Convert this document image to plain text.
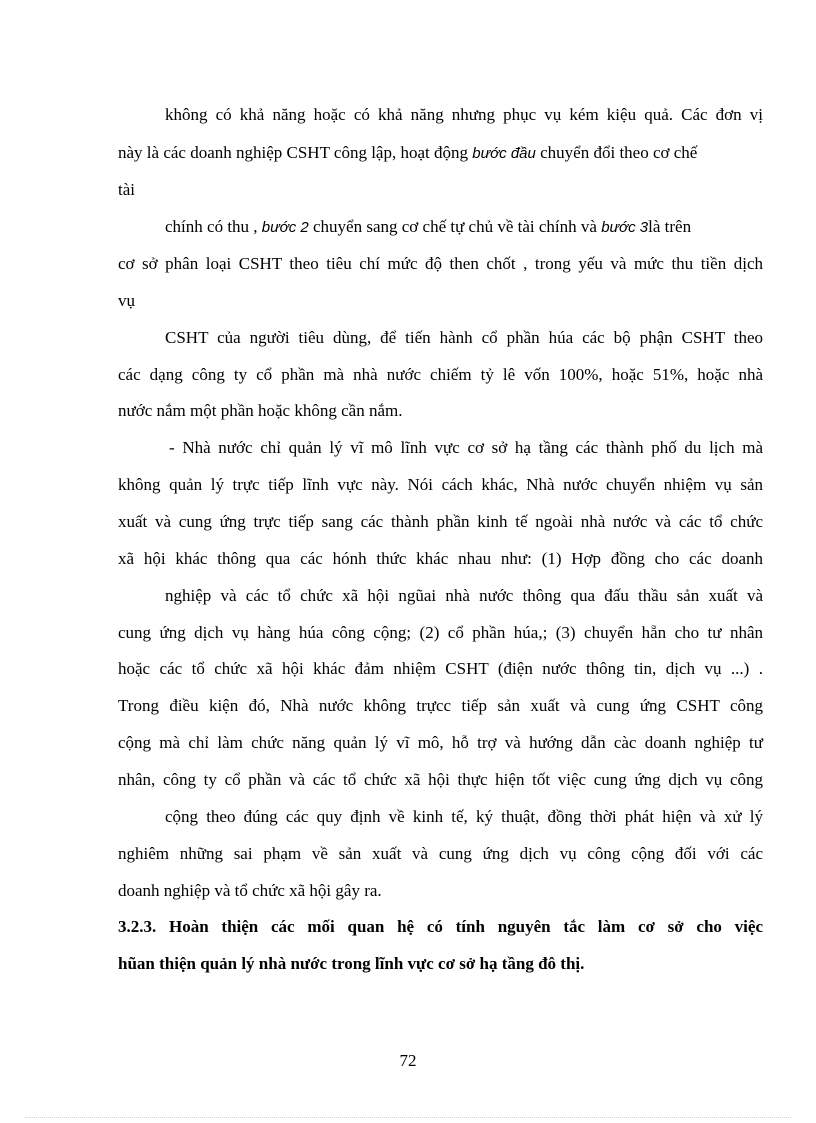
không có khả năng hoặc có khả năng nhưng phục vụ kém kiệu quả. Các đơn vị
này là các doanh nghiệp CSHT công lập, hoạt động bước đầu chuyển đổi theo cơ chế
tài
chính có thu , bước 2 chuyển sang cơ chế tự chủ về tài chính và bước 3là trên
cơ sở phân loại CSHT theo tiêu chí mức độ then chốt , trong yếu và mức thu tiền dịch
vụ
CSHT của người tiêu dùng, để tiến hành cổ phần húa các bộ phận CSHT theo
các dạng công ty cổ phần mà nhà nước chiếm tỷ lê vốn 100%, hoặc 51%, hoặc nhà
nước nắm một phần hoặc không cần nắm.
- Nhà nước chỉ quản lý vĩ mô lĩnh vực cơ sở hạ tầng các thành phố du lịch mà
không quản lý trực tiếp lĩnh vực này. Nói cách khác, Nhà nước chuyển nhiệm vụ sản
xuất và cung ứng trực tiếp sang các thành phần kinh tế ngoài nhà nước và các tổ chức
xã hội khác thông qua các hónh thức khác nhau như: (1) Hợp đồng cho các doanh
nghiệp và các tổ chức xã hội ngũai nhà nước thông qua đấu thầu sản xuất và
cung ứng dịch vụ hàng húa công cộng; (2) cổ phần húa,; (3) chuyển hẵn cho tư nhân
hoặc các tổ chức xã hội khác đảm nhiệm CSHT (điện nước thông tin, dịch vụ ...) .
Trong điều kiện đó, Nhà nước không trựcc tiếp sản xuất và cung ứng CSHT công
cộng mà chỉ làm chức năng quản lý vĩ mô, hỗ trợ và hướng dẫn càc doanh nghiệp tư
nhân, công ty cổ phần và các tổ chức xã hội thực hiện tốt việc cung ứng dịch vụ công
cộng theo đúng các quy định về kinh tế, ký thuật, đồng thời phát hiện và xử lý
nghiêm những sai phạm về sản xuất và cung ứng dịch vụ công cộng đối với các
doanh nghiệp và tổ chức xã hội gây ra.
3.2.3. Hoàn thiện các mối quan hệ có tính nguyên tắc làm cơ sở cho việc
hũan thiện quản lý nhà nước trong lĩnh vực cơ sở hạ tầng đô thị.
72
